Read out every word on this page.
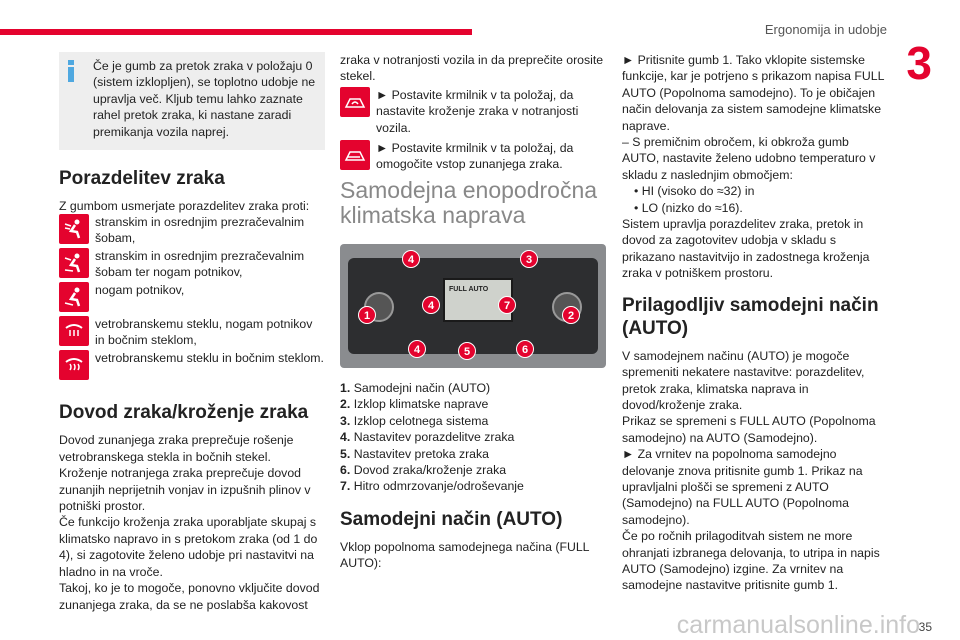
Ergonomija in udobje
3

Če je gumb za pretok zraka v položaju 0 (sistem izklopljen), se toplotno udobje ne upravlja več. Kljub temu lahko zaznate rahel pretok zraka, ki nastane zaradi premikanja vozila naprej.

Porazdelitev zraka

Z gumbom usmerjate porazdelitev zraka proti:

stranskim in osrednjim prezračevalnim šobam,

stranskim in osrednjim prezračevalnim šobam ter nogam potnikov,

nogam potnikov,

vetrobranskemu steklu, nogam potnikov in bočnim steklom,

vetrobranskemu steklu in bočnim steklom.

Dovod zraka/kroženje zraka

Dovod zunanjega zraka preprečuje rošenje vetrobranskega stekla in bočnih stekel.

Kroženje notranjega zraka preprečuje dovod zunanjih neprijetnih vonjav in izpušnih plinov v potniški prostor.

Če funkcijo kroženja zraka uporabljate skupaj s klimatsko napravo in s pretokom zraka (od 1 do 4), si zagotovite želeno udobje pri nastavitvi na hladno in na vroče.

Takoj, ko je to mogoče, ponovno vključite dovod zunanjega zraka, da se ne poslabša kakovost

zraka v notranjosti vozila in da preprečite orosite stekel.

► Postavite krmilnik v ta položaj, da nastavite kroženje zraka v notranjosti vozila.

► Postavite krmilnik v ta položaj, da omogočite vstop zunanjega zraka.

Samodejna enopodročna klimatska naprava
FULL AUTO
4	3
1
4	7
2
4	5	6
1. Samodejni način (AUTO)
2. Izklop klimatske naprave
3. Izklop celotnega sistema
4. Nastavitev porazdelitve zraka
5. Nastavitev pretoka zraka
6. Dovod zraka/kroženje zraka
7. Hitro odmrzovanje/odroševanje
Samodejni način (AUTO)

Vklop popolnoma samodejnega načina (FULL AUTO):

► Pritisnite gumb 1. Tako vklopite sistemske funkcije, kar je potrjeno s prikazom napisa FULL AUTO (Popolnoma samodejno). To je običajen način delovanja za sistem samodejne klimatske naprave.

– S premičnim obročem, ki obkroža gumb AUTO, nastavite želeno udobno temperaturo v skladu z naslednjim območjem:

• HI (visoko do ≈32) in

• LO (nizko do ≈16).

Sistem upravlja porazdelitev zraka, pretok in dovod za zagotovitev udobja v skladu s prikazano nastavitvijo in zadostnega kroženja zraka v potniškem prostoru.

Prilagodljiv samodejni način (AUTO)

V samodejnem načinu (AUTO) je mogoče spremeniti nekatere nastavitve: porazdelitev, pretok zraka, klimatska naprava in dovod/kroženje zraka.

Prikaz se spremeni s FULL AUTO (Popolnoma samodejno) na AUTO (Samodejno).

► Za vrnitev na popolnoma samodejno delovanje znova pritisnite gumb 1. Prikaz na upravljalni plošči se spremeni z AUTO (Samodejno) na FULL AUTO (Popolnoma samodejno).

Če po ročnih prilagoditvah sistem ne more ohranjati izbranega delovanja, to utripa in napis AUTO (Samodejno) izgine. Za vrnitev na samodejne nastavitve pritisnite gumb 1.

carmanualsonline.info
35
